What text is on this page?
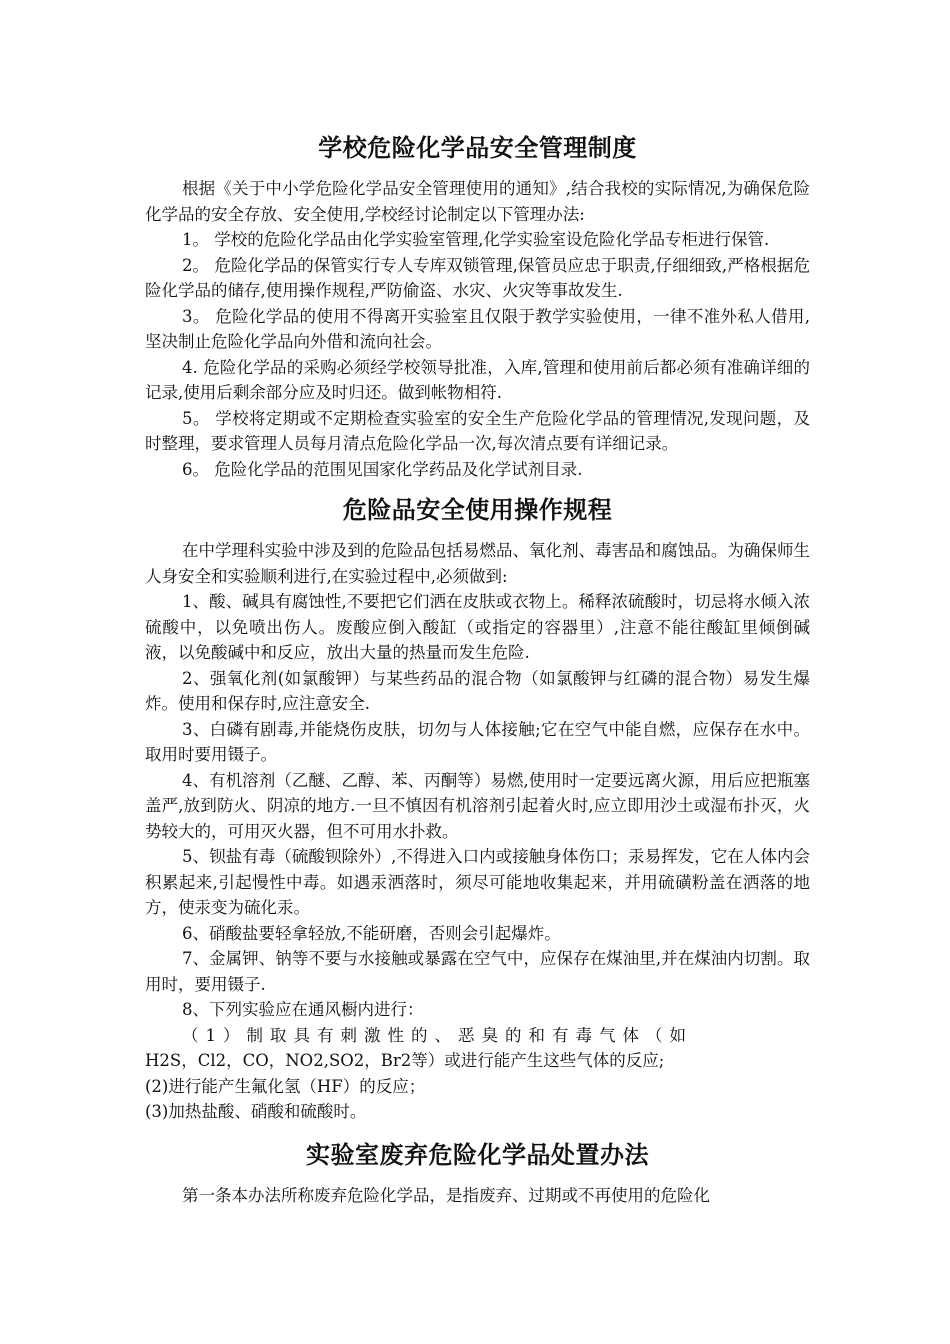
学校危险化学品安全管理制度

根据《关于中小学危险化学品安全管理使用的通知》,结合我校的实际情况,为确保危险化学品的安全存放、安全使用,学校经讨论制定以下管理办法:

1。 学校的危险化学品由化学实验室管理,化学实验室设危险化学品专柜进行保管.

2。 危险化学品的保管实行专人专库双锁管理,保管员应忠于职责,仔细细致,严格根据危险化学品的储存,使用操作规程,严防偷盗、水灾、火灾等事故发生.

3。 危险化学品的使用不得离开实验室且仅限于教学实验使用，一律不准外私人借用,坚决制止危险化学品向外借和流向社会。

4. 危险化学品的采购必须经学校领导批准，入库,管理和使用前后都必须有准确详细的记录,使用后剩余部分应及时归还。做到帐物相符.

5。 学校将定期或不定期检查实验室的安全生产危险化学品的管理情况,发现问题，及时整理，要求管理人员每月清点危险化学品一次,每次清点要有详细记录。

6。 危险化学品的范围见国家化学药品及化学试剂目录.

危险品安全使用操作规程

在中学理科实验中涉及到的危险品包括易燃品、氧化剂、毒害品和腐蚀品。为确保师生人身安全和实验顺利进行,在实验过程中,必须做到:

1、酸、碱具有腐蚀性,不要把它们洒在皮肤或衣物上。稀释浓硫酸时，切忌将水倾入浓硫酸中，以免喷出伤人。废酸应倒入酸缸（或指定的容器里）,注意不能往酸缸里倾倒碱液，以免酸碱中和反应，放出大量的热量而发生危险.

2、强氧化剂(如氯酸钾）与某些药品的混合物（如氯酸钾与红磷的混合物）易发生爆炸。使用和保存时,应注意安全.

3、白磷有剧毒,并能烧伤皮肤，切勿与人体接触;它在空气中能自燃，应保存在水中。取用时要用镊子。

4、有机溶剂（乙醚、乙醇、苯、丙酮等）易燃,使用时一定要远离火源，用后应把瓶塞盖严,放到防火、阴凉的地方.一旦不慎因有机溶剂引起着火时,应立即用沙土或湿布扑灭，火势较大的，可用灭火器，但不可用水扑救。

5、钡盐有毒（硫酸钡除外）,不得进入口内或接触身体伤口；汞易挥发，它在人体内会积累起来,引起慢性中毒。如遇汞洒落时，须尽可能地收集起来，并用硫磺粉盖在洒落的地方，使汞变为硫化汞。

6、硝酸盐要轻拿轻放,不能研磨，否则会引起爆炸。

7、金属钾、钠等不要与水接触或暴露在空气中，应保存在煤油里,并在煤油内切割。取用时，要用镊子.

8、下列实验应在通风橱内进行：

（1）制取具有刺激性的、恶臭的和有毒气体（如

H2S，Cl2，CO，NO2,SO2，Br2等）或进行能产生这些气体的反应;

(2)进行能产生氟化氢（HF）的反应；

(3)加热盐酸、硝酸和硫酸时。

实验室废弃危险化学品处置办法

第一条本办法所称废弃危险化学品，是指废弃、过期或不再使用的危险化
